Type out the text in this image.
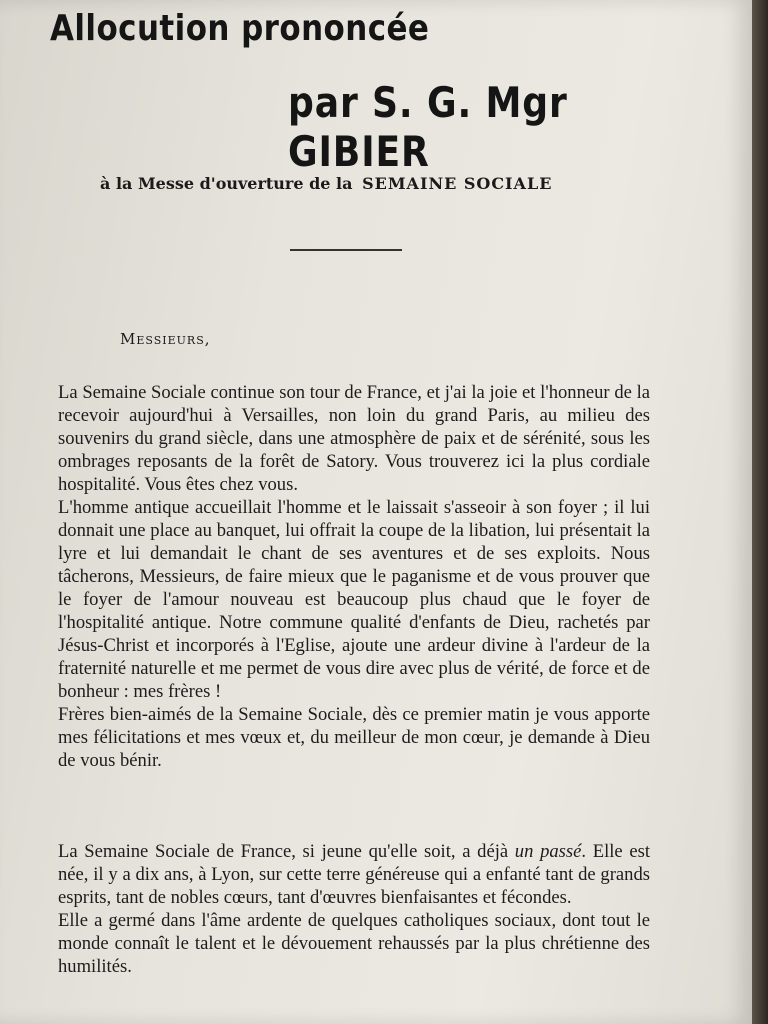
Allocution prononcée
par S. G. Mgr GIBIER
à la Messe d'ouverture de la SEMAINE SOCIALE
Messieurs,

La Semaine Sociale continue son tour de France, et j'ai la joie et l'honneur de la recevoir aujourd'hui à Versailles, non loin du grand Paris, au milieu des souvenirs du grand siècle, dans une atmosphère de paix et de sérénité, sous les ombrages reposants de la forêt de Satory. Vous trouverez ici la plus cordiale hospitalité. Vous êtes chez vous.

L'homme antique accueillait l'homme et le laissait s'asseoir à son foyer ; il lui donnait une place au banquet, lui offrait la coupe de la libation, lui présentait la lyre et lui demandait le chant de ses aventures et de ses exploits. Nous tâcherons, Messieurs, de faire mieux que le paganisme et de vous prouver que le foyer de l'amour nouveau est beaucoup plus chaud que le foyer de l'hospitalité antique. Notre commune qualité d'enfants de Dieu, rachetés par Jésus-Christ et incorporés à l'Eglise, ajoute une ardeur divine à l'ardeur de la fraternité naturelle et me permet de vous dire avec plus de vérité, de force et de bonheur : mes frères !

Frères bien-aimés de la Semaine Sociale, dès ce premier matin je vous apporte mes félicitations et mes vœux et, du meilleur de mon cœur, je demande à Dieu de vous bénir.

La Semaine Sociale de France, si jeune qu'elle soit, a déjà un passé. Elle est née, il y a dix ans, à Lyon, sur cette terre généreuse qui a enfanté tant de grands esprits, tant de nobles cœurs, tant d'œuvres bienfaisantes et fécondes.

Elle a germé dans l'âme ardente de quelques catholiques sociaux, dont tout le monde connaît le talent et le dévouement rehaussés par la plus chrétienne des humilités.
